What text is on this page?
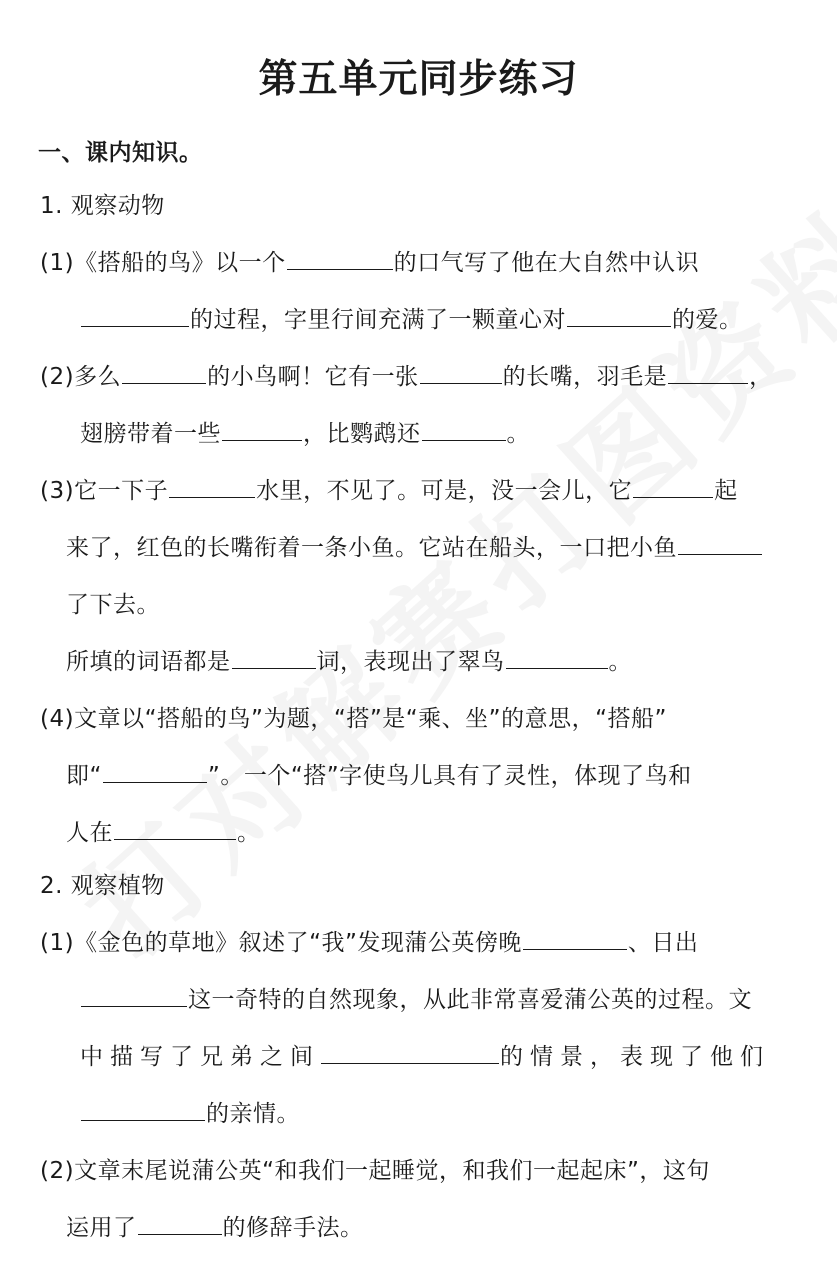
第五单元同步练习
一、课内知识。
1. 观察动物
(1)《搭船的鸟》以一个	的口气写了他在大自然中认识
的过程，字里行间充满了一颗童心对	的爱。
(2)多么	的小鸟啊！它有一张	的长嘴，羽毛是	，
翅膀带着一些	，比鹦鹉还	。
(3)它一下子	水里，不见了。可是，没一会儿，它	起
来了，红色的长嘴衔着一条小鱼。它站在船头，一口把小鱼
了下去。
所填的词语都是	词，表现出了翠鸟	。
(4)文章以“搭船的鸟”为题，“搭”是“乘、坐”的意思，“搭船”
即“	”。一个“搭”字使鸟儿具有了灵性，体现了鸟和
人在	。
2. 观察植物
(1)《金色的草地》叙述了“我”发现蒲公英傍晚	、日出
这一奇特的自然现象，从此非常喜爱蒲公英的过程。文
中描写了兄弟之间	的情景，表现了他们
的亲情。
(2)文章末尾说蒲公英“和我们一起睡觉，和我们一起起床”，这句
运用了	的修辞手法。
